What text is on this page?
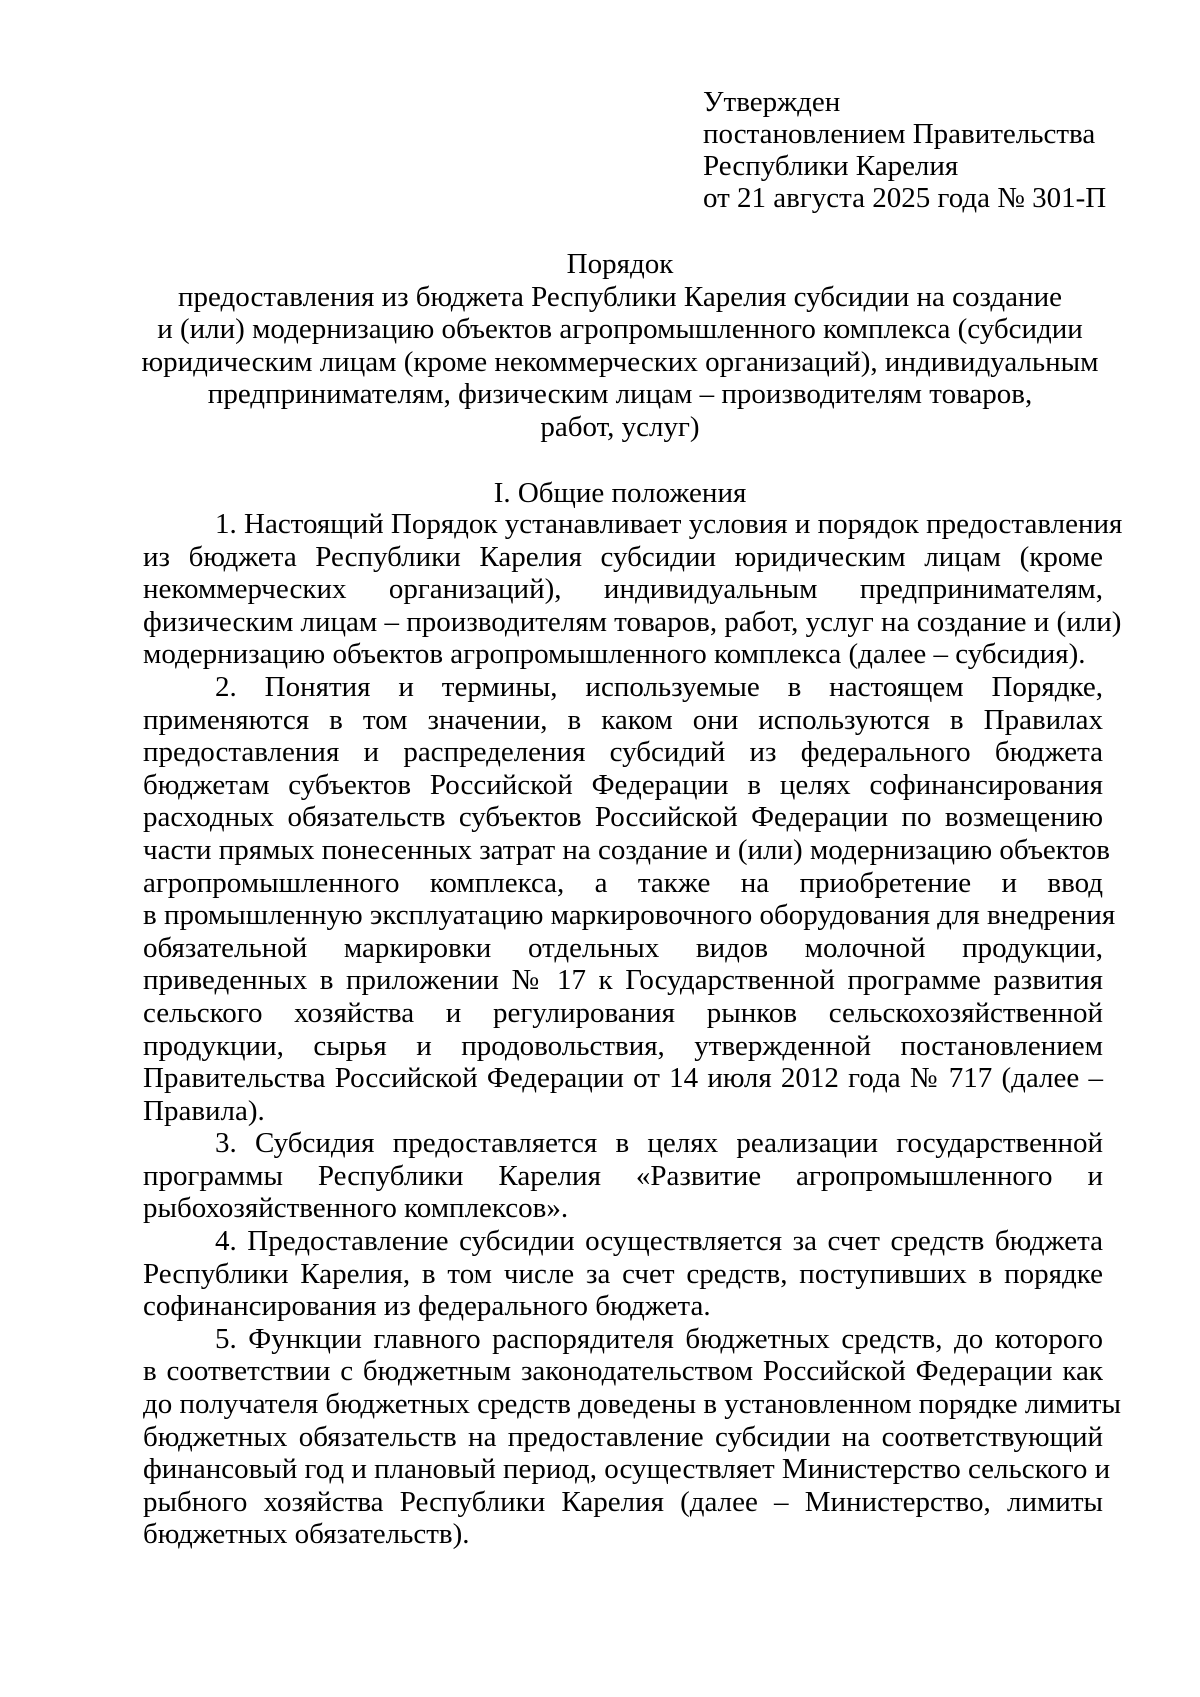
Утвержден
постановлением Правительства
Республики Карелия
от 21 августа 2025 года № 301-П
Порядок
предоставления из бюджета Республики Карелия субсидии на создание
и (или) модернизацию объектов агропромышленного комплекса (субсидии
юридическим лицам (кроме некоммерческих организаций), индивидуальным
предпринимателям, физическим лицам – производителям товаров,
работ, услуг)
I. Общие положения
1. Настоящий Порядок устанавливает условия и порядок предоставления
из бюджета Республики Карелия субсидии юридическим лицам (кроме
некоммерческих организаций), индивидуальным предпринимателям,
физическим лицам – производителям товаров, работ, услуг на создание и (или)
модернизацию объектов агропромышленного комплекса (далее – субсидия).
2. Понятия и термины, используемые в настоящем Порядке,
применяются в том значении, в каком они используются в Правилах
предоставления и распределения субсидий из федерального бюджета
бюджетам субъектов Российской Федерации в целях софинансирования
расходных обязательств субъектов Российской Федерации по возмещению
части прямых понесенных затрат на создание и (или) модернизацию объектов
агропромышленного комплекса, а также на приобретение и ввод
в промышленную эксплуатацию маркировочного оборудования для внедрения
обязательной маркировки отдельных видов молочной продукции,
приведенных в приложении № 17 к Государственной программе развития
сельского хозяйства и регулирования рынков сельскохозяйственной
продукции, сырья и продовольствия, утвержденной постановлением
Правительства Российской Федерации от 14 июля 2012 года № 717 (далее –
Правила).
3. Субсидия предоставляется в целях реализации государственной
программы Республики Карелия «Развитие агропромышленного и
рыбохозяйственного комплексов».
4. Предоставление субсидии осуществляется за счет средств бюджета
Республики Карелия, в том числе за счет средств, поступивших в порядке
софинансирования из федерального бюджета.
5. Функции главного распорядителя бюджетных средств, до которого
в соответствии с бюджетным законодательством Российской Федерации как
до получателя бюджетных средств доведены в установленном порядке лимиты
бюджетных обязательств на предоставление субсидии на соответствующий
финансовый год и плановый период, осуществляет Министерство сельского и
рыбного хозяйства Республики Карелия (далее – Министерство, лимиты
бюджетных обязательств).
